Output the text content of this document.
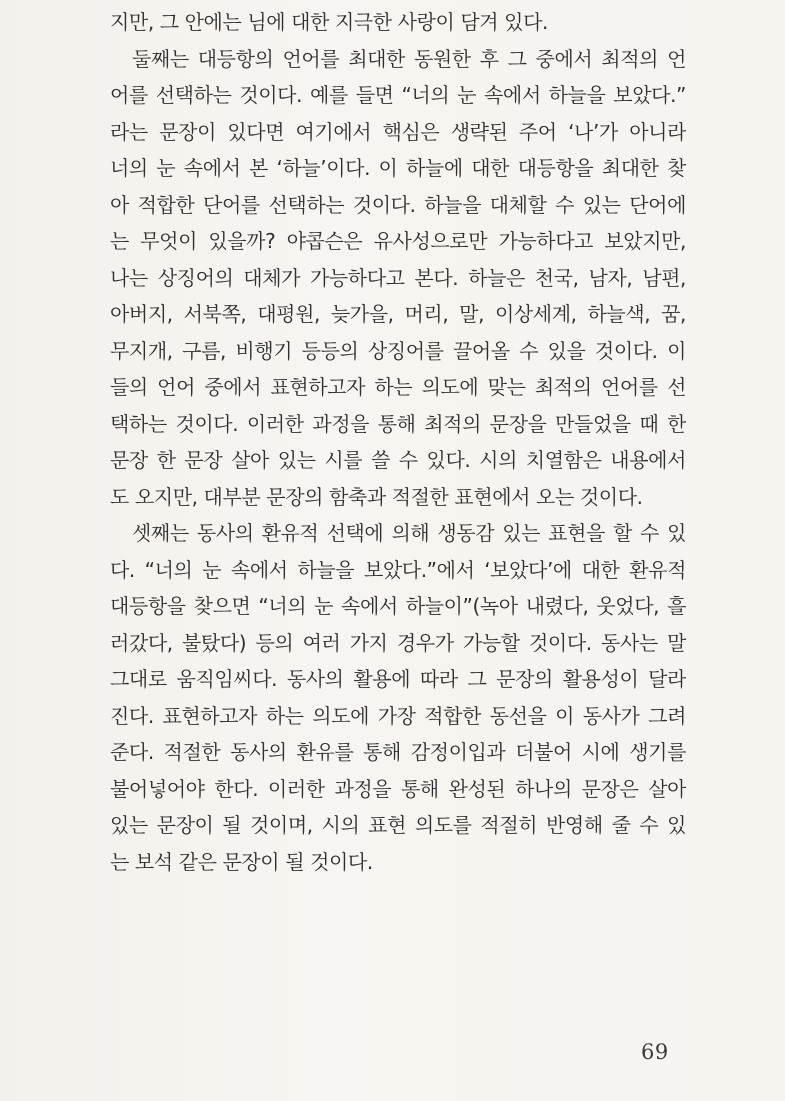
지만, 그 안에는 님에 대한 지극한 사랑이 담겨 있다.
둘째는 대등항의 언어를 최대한 동원한 후 그 중에서 최적의 언
어를 선택하는 것이다. 예를 들면 “너의 눈 속에서 하늘을 보았다.”
라는 문장이 있다면 여기에서 핵심은 생략된 주어 ‘나’가 아니라
너의 눈 속에서 본 ‘하늘’이다. 이 하늘에 대한 대등항을 최대한 찾
아 적합한 단어를 선택하는 것이다. 하늘을 대체할 수 있는 단어에
는 무엇이 있을까? 야콥슨은 유사성으로만 가능하다고 보았지만,
나는 상징어의 대체가 가능하다고 본다. 하늘은 천국, 남자, 남편,
아버지, 서북쪽, 대평원, 늦가을, 머리, 말, 이상세계, 하늘색, 꿈,
무지개, 구름, 비행기 등등의 상징어를 끌어올 수 있을 것이다. 이
들의 언어 중에서 표현하고자 하는 의도에 맞는 최적의 언어를 선
택하는 것이다. 이러한 과정을 통해 최적의 문장을 만들었을 때 한
문장 한 문장 살아 있는 시를 쓸 수 있다. 시의 치열함은 내용에서
도 오지만, 대부분 문장의 함축과 적절한 표현에서 오는 것이다.
셋째는 동사의 환유적 선택에 의해 생동감 있는 표현을 할 수 있
다. “너의 눈 속에서 하늘을 보았다.”에서 ‘보았다’에 대한 환유적
대등항을 찾으면 “너의 눈 속에서 하늘이”(녹아 내렸다, 웃었다, 흘
러갔다, 불탔다) 등의 여러 가지 경우가 가능할 것이다. 동사는 말
그대로 움직임씨다. 동사의 활용에 따라 그 문장의 활용성이 달라
진다. 표현하고자 하는 의도에 가장 적합한 동선을 이 동사가 그려
준다. 적절한 동사의 환유를 통해 감정이입과 더불어 시에 생기를
불어넣어야 한다. 이러한 과정을 통해 완성된 하나의 문장은 살아
있는 문장이 될 것이며, 시의 표현 의도를 적절히 반영해 줄 수 있
는 보석 같은 문장이 될 것이다.
69
